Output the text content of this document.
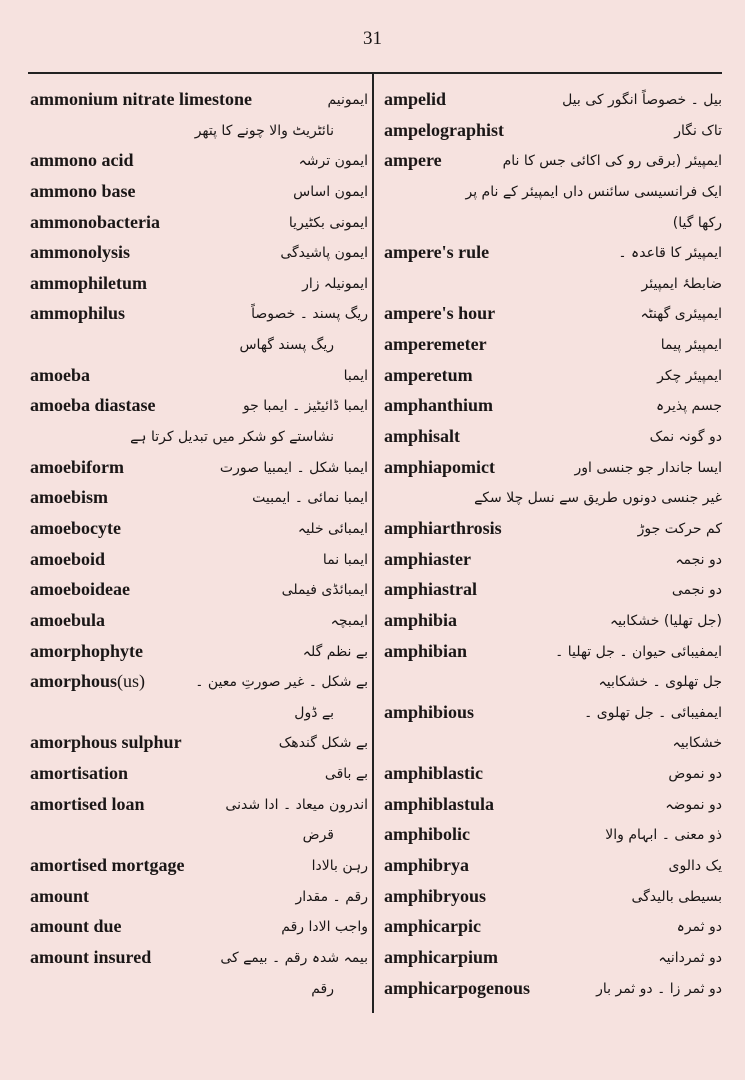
31
ammonium nitrate limestone	ایمونیم
نائٹریٹ والا چونے کا پتھر
ammono acid	ایمون ترشہ
ammono base	ایمون اساس
ammonobacteria	ایمونی بکٹیریا
ammonolysis	ایمون پاشیدگی
ammophiletum	ایمونیلہ زار
ammophilus	ریگ پسند ۔ خصوصاً
ریگ پسند گھاس
amoeba	ایمبا
amoeba diastase	ایمبا ڈائیٹیز ۔ ایمبا جو
نشاستے کو شکر میں تبدیل کرتا ہے
amoebiform	ایمبا شکل ۔ ایمبیا صورت
amoebism	ایمبا نمائی ۔ ایمبیت
amoebocyte	ایمبائی خلیہ
amoeboid	ایمبا نما
amoeboideae	ایمبائڈی فیملی
amoebula	ایمبچہ
amorphophyte	بے نظم گلہ
amorphous(us)	بے شکل ۔ غیر صورتِ معین ۔
بے ڈول
amorphous sulphur	بے شکل گندھک
amortisation	بے باقی
amortised loan	اندرون میعاد ۔ ادا شدنی
قرض
amortised mortgage	رہن بالادا
amount	رقم ۔ مقدار
amount due	واجب الادا رقم
amount insured	بیمہ شدہ رقم ۔ بیمے کی
رقم
ampelid	بیل ۔ خصوصاً انگور کی بیل
ampelographist	تاک نگار
ampere	ایمپیئر (برقی رو کی اکائی جس کا نام
ایک فرانسیسی سائنس داں ایمپیئر کے نام پر
رکھا گیا)
ampere's rule	ایمپیئر کا قاعدہ ۔
ضابطۂ ایمپیئر
ampere's hour	ایمپیئری گھنٹہ
amperemeter	ایمپیئر پیما
amperetum	ایمپیئر چکر
amphanthium	جسم پذیرہ
amphisalt	دو گونہ نمک
amphiapomict	ایسا جاندار جو جنسی اور
غیر جنسی دونوں طریق سے نسل چلا سکے
amphiarthrosis	کم حرکت جوڑ
amphiaster	دو نجمہ
amphiastral	دو نجمی
amphibia	(جل تھلیا) خشکابیہ
amphibian	ایمفیبائی حیوان ۔ جل تھلیا ۔
جل تھلوی ۔ خشکابیہ
amphibious	ایمفیبائی ۔ جل تھلوی ۔
خشکابیہ
amphiblastic	دو نموض
amphiblastula	دو نموضہ
amphibolic	ذو معنی ۔ ابہام والا
amphibrya	یک دالوی
amphibryous	بسیطی بالیدگی
amphicarpic	دو ثمرہ
amphicarpium	دو ثمردانیہ
amphicarpogenous	دو ثمر زا ۔ دو ثمر بار
